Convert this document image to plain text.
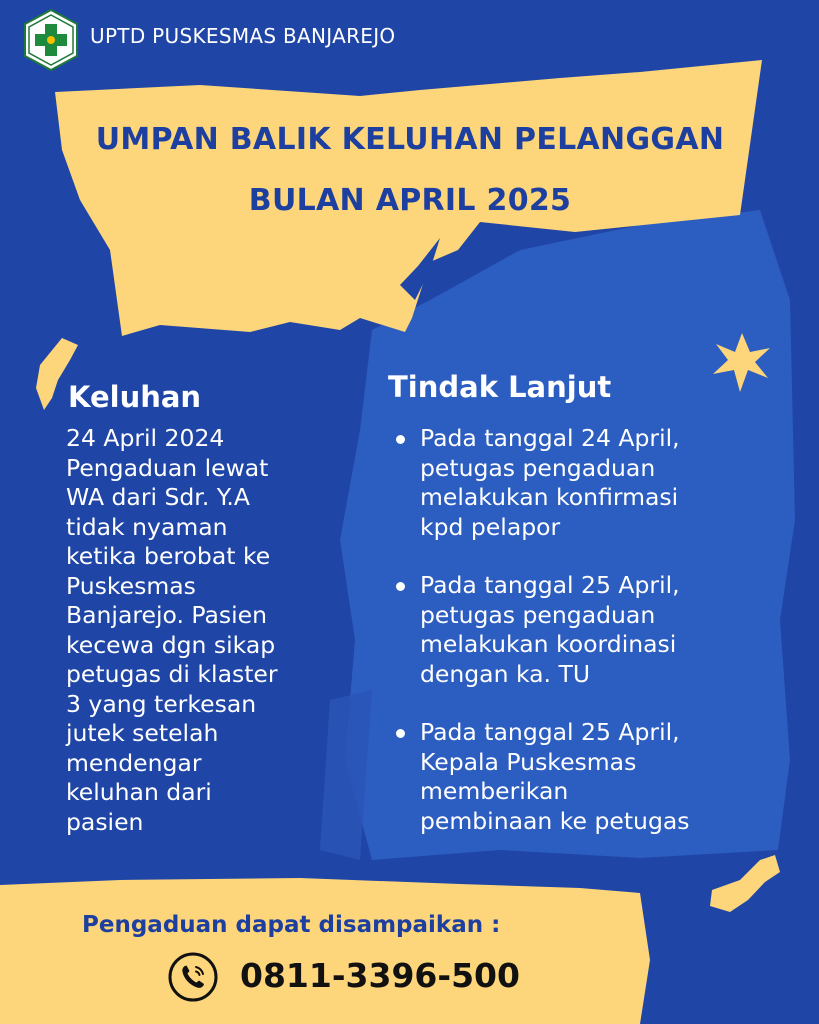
UPTD PUSKESMAS BANJAREJO
UMPAN BALIK KELUHAN PELANGGAN
BULAN APRIL 2025
Keluhan
24 April 2024
Pengaduan lewat
WA dari Sdr. Y.A
tidak nyaman
ketika berobat ke
Puskesmas
Banjarejo. Pasien
kecewa dgn sikap
petugas di klaster
3 yang terkesan
jutek setelah
mendengar
keluhan dari
pasien
Tindak Lanjut
Pada tanggal 24 April,
petugas pengaduan
melakukan konfirmasi
kpd pelapor
Pada tanggal 25 April,
petugas pengaduan
melakukan koordinasi
dengan ka. TU
Pada tanggal 25 April,
Kepala Puskesmas
memberikan
pembinaan ke petugas
Pengaduan dapat disampaikan :
0811-3396-500
